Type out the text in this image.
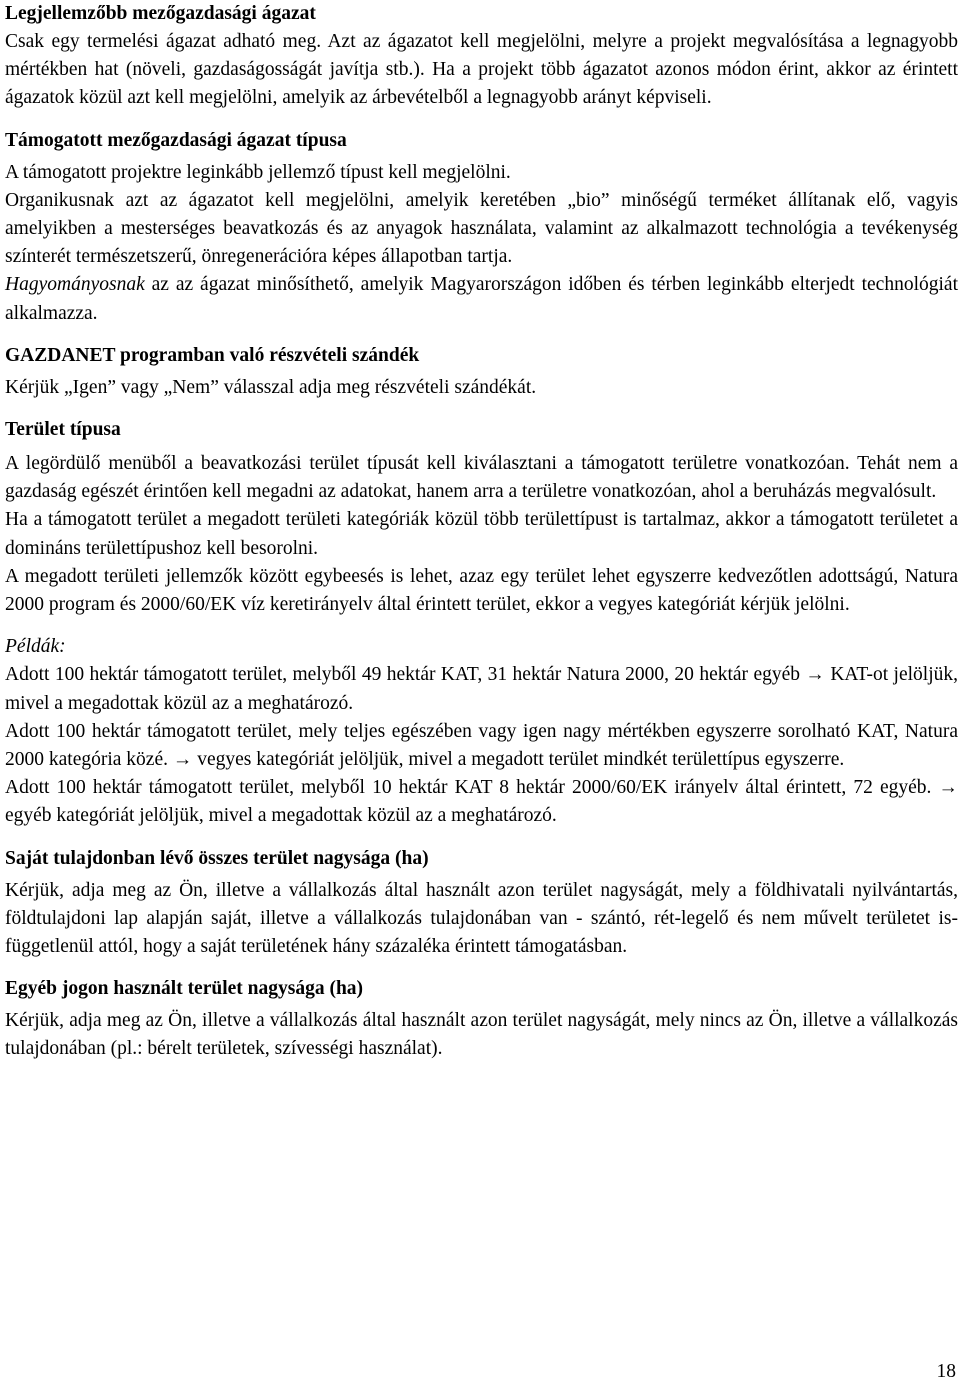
Legjellemzőbb mezőgazdasági ágazat

Csak egy termelési ágazat adható meg. Azt az ágazatot kell megjelölni, melyre a projekt megvalósítása a legnagyobb mértékben hat (növeli, gazdaságosságát javítja stb.). Ha a projekt több ágazatot azonos módon érint, akkor az érintett ágazatok közül azt kell megjelölni, amelyik az árbevételből a legnagyobb arányt képviseli.

Támogatott mezőgazdasági ágazat típusa

A támogatott projektre leginkább jellemző típust kell megjelölni.

Organikusnak azt az ágazatot kell megjelölni, amelyik keretében „bio” minőségű terméket állítanak elő, vagyis amelyikben a mesterséges beavatkozás és az anyagok használata, valamint az alkalmazott technológia a tevékenység színterét természetszerű, önregenerációra képes állapotban tartja.

Hagyományosnak az az ágazat minősíthető, amelyik Magyarországon időben és térben leginkább elterjedt technológiát alkalmazza.

GAZDANET programban való részvételi szándék

Kérjük „Igen” vagy „Nem” válasszal adja meg részvételi szándékát.

Terület típusa

A legördülő menüből a beavatkozási terület típusát kell kiválasztani a támogatott területre vonatkozóan. Tehát nem a gazdaság egészét érintően kell megadni az adatokat, hanem arra a területre vonatkozóan, ahol a beruházás megvalósult.

Ha a támogatott terület a megadott területi kategóriák közül több területtípust is tartalmaz, akkor a támogatott területet a domináns területtípushoz kell besorolni.

A megadott területi jellemzők között egybeesés is lehet, azaz egy terület lehet egyszerre kedvezőtlen adottságú, Natura 2000 program és 2000/60/EK víz keretirányelv által érintett terület, ekkor a vegyes kategóriát kérjük jelölni.

Példák:

Adott 100 hektár támogatott terület, melyből 49 hektár KAT, 31 hektár Natura 2000, 20 hektár egyéb → KAT-ot jelöljük, mivel a megadottak közül az a meghatározó.

Adott 100 hektár támogatott terület, mely teljes egészében vagy igen nagy mértékben egyszerre sorolható KAT, Natura 2000 kategória közé. → vegyes kategóriát jelöljük, mivel a megadott terület mindkét területtípus egyszerre.

Adott 100 hektár támogatott terület, melyből 10 hektár KAT 8 hektár 2000/60/EK irányelv által érintett, 72 egyéb. → egyéb kategóriát jelöljük, mivel a megadottak közül az a meghatározó.

Saját tulajdonban lévő összes terület nagysága (ha)

Kérjük, adja meg az Ön, illetve a vállalkozás által használt azon terület nagyságát, mely a földhivatali nyilvántartás, földtulajdoni lap alapján saját, illetve a vállalkozás tulajdonában van - szántó, rét-legelő és nem művelt területet is- függetlenül attól, hogy a saját területének hány százaléka érintett támogatásban.

Egyéb jogon használt terület nagysága (ha)

Kérjük, adja meg az Ön, illetve a vállalkozás által használt azon terület nagyságát, mely nincs az Ön, illetve a vállalkozás tulajdonában (pl.: bérelt területek, szívességi használat).

18
